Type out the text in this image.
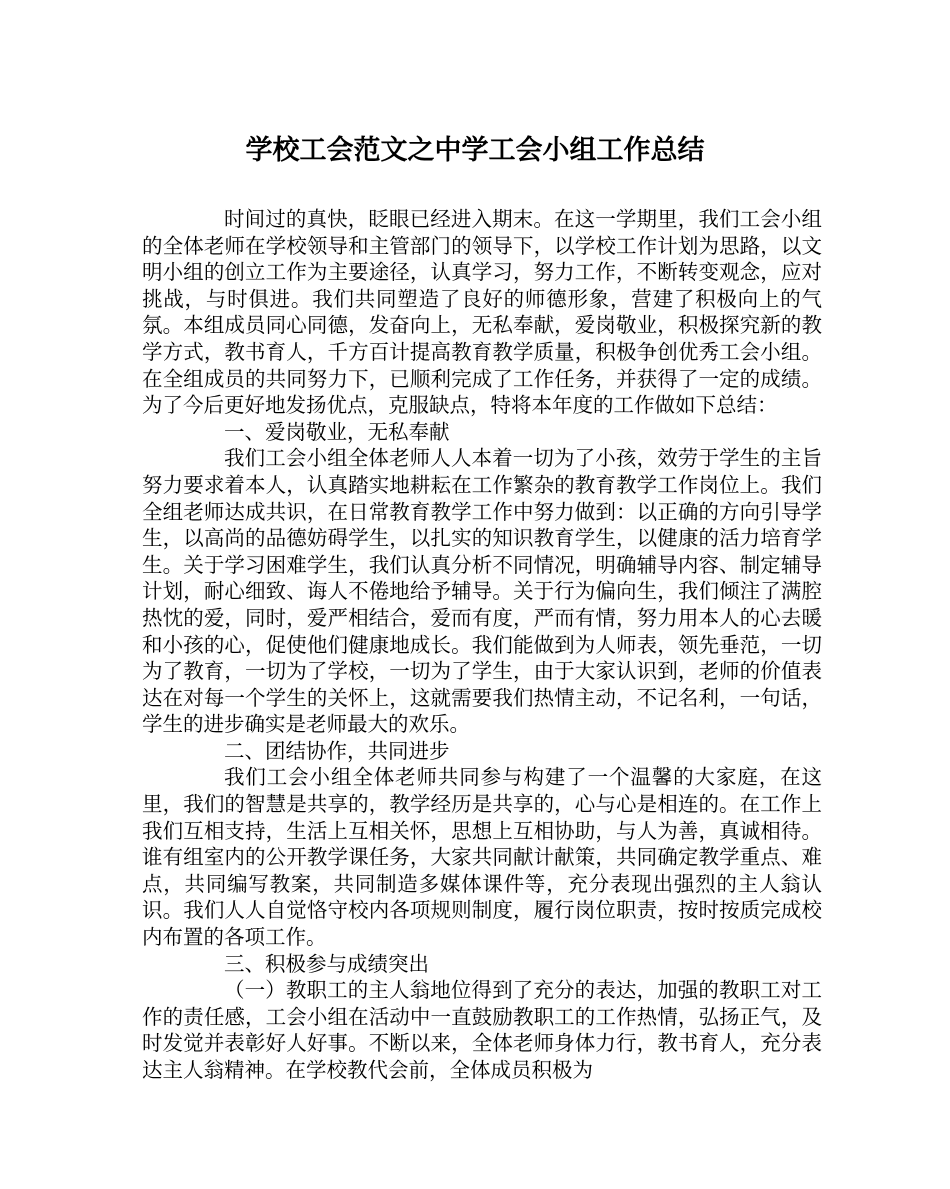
学校工会范文之中学工会小组工作总结

时间过的真快，眨眼已经进入期末。在这一学期里，我们工会小组的全体老师在学校领导和主管部门的领导下，以学校工作计划为思路，以文明小组的创立工作为主要途径，认真学习，努力工作，不断转变观念，应对挑战，与时俱进。我们共同塑造了良好的师德形象，营建了积极向上的气氛。本组成员同心同德，发奋向上，无私奉献，爱岗敬业，积极探究新的教学方式，教书育人，千方百计提高教育教学质量，积极争创优秀工会小组。在全组成员的共同努力下，已顺利完成了工作任务，并获得了一定的成绩。为了今后更好地发扬优点，克服缺点，特将本年度的工作做如下总结：

一、爱岗敬业，无私奉献

我们工会小组全体老师人人本着一切为了小孩，效劳于学生的主旨努力要求着本人，认真踏实地耕耘在工作繁杂的教育教学工作岗位上。我们全组老师达成共识，在日常教育教学工作中努力做到：以正确的方向引导学生，以高尚的品德妨碍学生，以扎实的知识教育学生，以健康的活力培育学生。关于学习困难学生，我们认真分析不同情况，明确辅导内容、制定辅导计划，耐心细致、诲人不倦地给予辅导。关于行为偏向生，我们倾注了满腔热忱的爱，同时，爱严相结合，爱而有度，严而有情，努力用本人的心去暖和小孩的心，促使他们健康地成长。我们能做到为人师表，领先垂范，一切为了教育，一切为了学校，一切为了学生，由于大家认识到，老师的价值表达在对每一个学生的关怀上，这就需要我们热情主动，不记名利，一句话，学生的进步确实是老师最大的欢乐。

二、团结协作，共同进步

我们工会小组全体老师共同参与构建了一个温馨的大家庭，在这里，我们的智慧是共享的，教学经历是共享的，心与心是相连的。在工作上我们互相支持，生活上互相关怀，思想上互相协助，与人为善，真诚相待。谁有组室内的公开教学课任务，大家共同献计献策，共同确定教学重点、难点，共同编写教案，共同制造多媒体课件等，充分表现出强烈的主人翁认识。我们人人自觉恪守校内各项规则制度，履行岗位职责，按时按质完成校内布置的各项工作。

三、积极参与成绩突出

（一）教职工的主人翁地位得到了充分的表达，加强的教职工对工作的责任感，工会小组在活动中一直鼓励教职工的工作热情，弘扬正气，及时发觉并表彰好人好事。不断以来，全体老师身体力行，教书育人，充分表达主人翁精神。在学校教代会前，全体成员积极为
